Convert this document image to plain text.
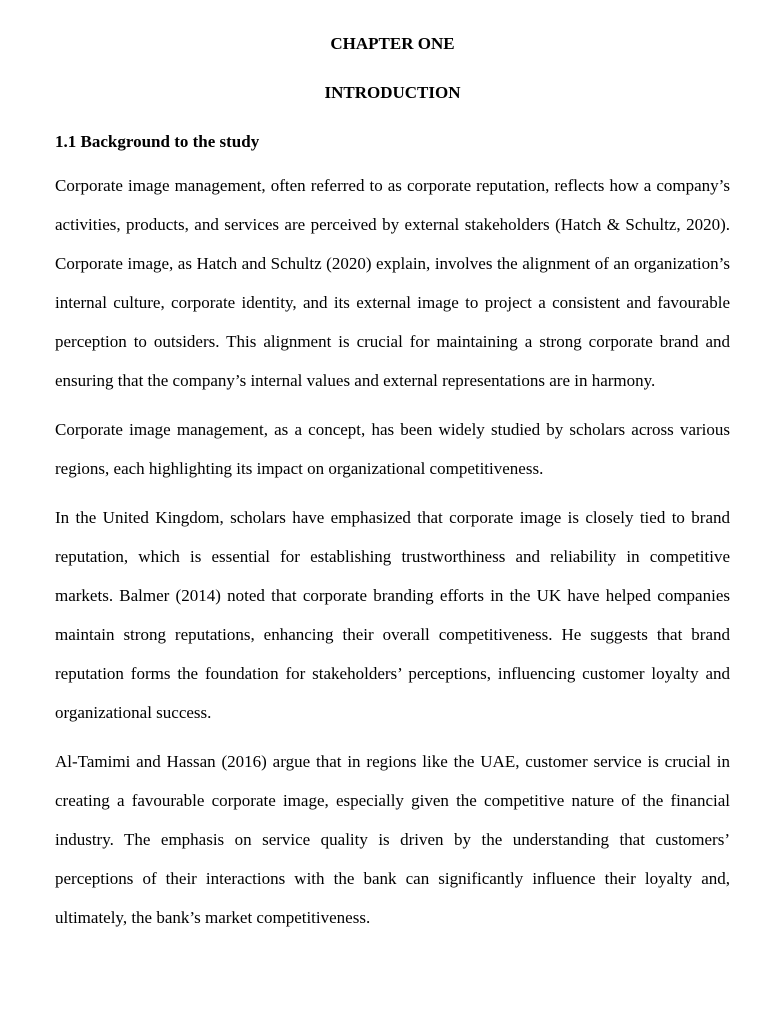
CHAPTER ONE
INTRODUCTION
1.1 Background to the study

Corporate image management, often referred to as corporate reputation, reflects how a company’s activities, products, and services are perceived by external stakeholders (Hatch & Schultz, 2020). Corporate image, as Hatch and Schultz (2020) explain, involves the alignment of an organization’s internal culture, corporate identity, and its external image to project a consistent and favourable perception to outsiders. This alignment is crucial for maintaining a strong corporate brand and ensuring that the company’s internal values and external representations are in harmony.

Corporate image management, as a concept, has been widely studied by scholars across various regions, each highlighting its impact on organizational competitiveness.

In the United Kingdom, scholars have emphasized that corporate image is closely tied to brand reputation, which is essential for establishing trustworthiness and reliability in competitive markets. Balmer (2014) noted that corporate branding efforts in the UK have helped companies maintain strong reputations, enhancing their overall competitiveness. He suggests that brand reputation forms the foundation for stakeholders’ perceptions, influencing customer loyalty and organizational success.

Al-Tamimi and Hassan (2016) argue that in regions like the UAE, customer service is crucial in creating a favourable corporate image, especially given the competitive nature of the financial industry. The emphasis on service quality is driven by the understanding that customers’ perceptions of their interactions with the bank can significantly influence their loyalty and, ultimately, the bank’s market competitiveness.
